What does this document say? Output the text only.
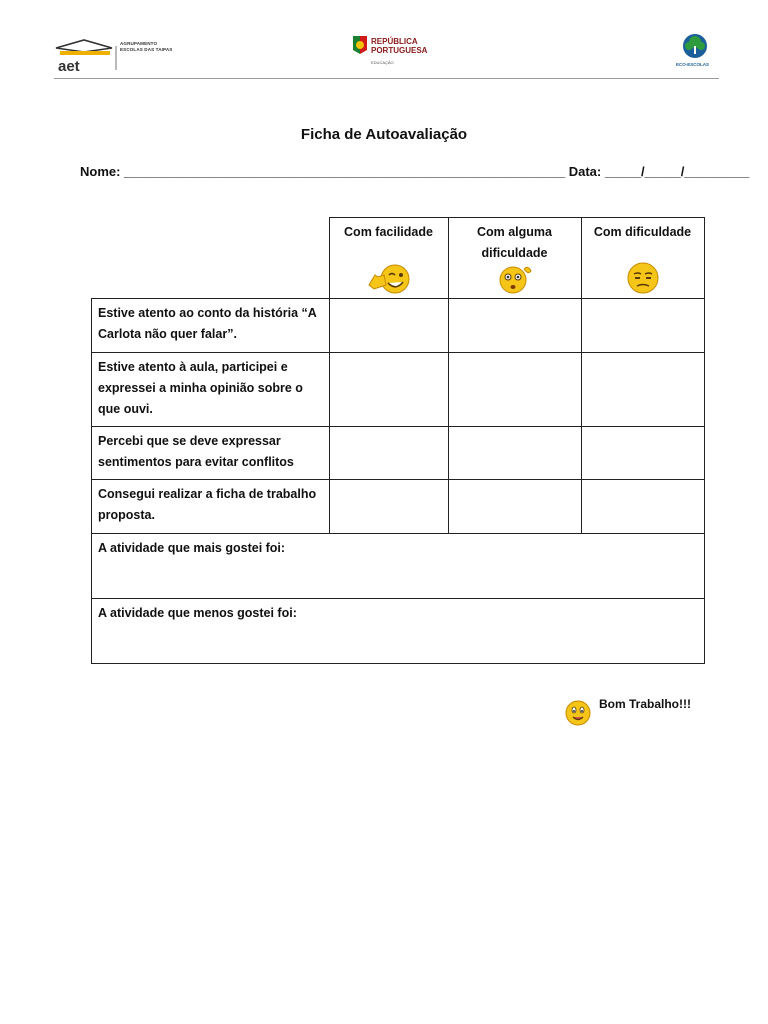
aet
AGRUPAMENTO
ESCOLAS DAS TAIPAS
REPÚBLICA
PORTUGUESA
EDUCAÇÃO	ECO-ESCOLAS
Ficha de Autoavaliação
Nome: _____________________________________________________________ Data: _____/_____/_________
	Com facilidade	Com alguma dificuldade	Com dificuldade

Estive atento ao conto da história “A Carlota não quer falar”.			
Estive atento à aula, participei e expressei a minha opinião sobre o que ouvi.			
Percebi que se deve expressar sentimentos para evitar conflitos			
Consegui realizar a ficha de trabalho proposta.			
A atividade que mais gostei foi:			
A atividade que menos gostei foi:			
Bom Trabalho!!!
